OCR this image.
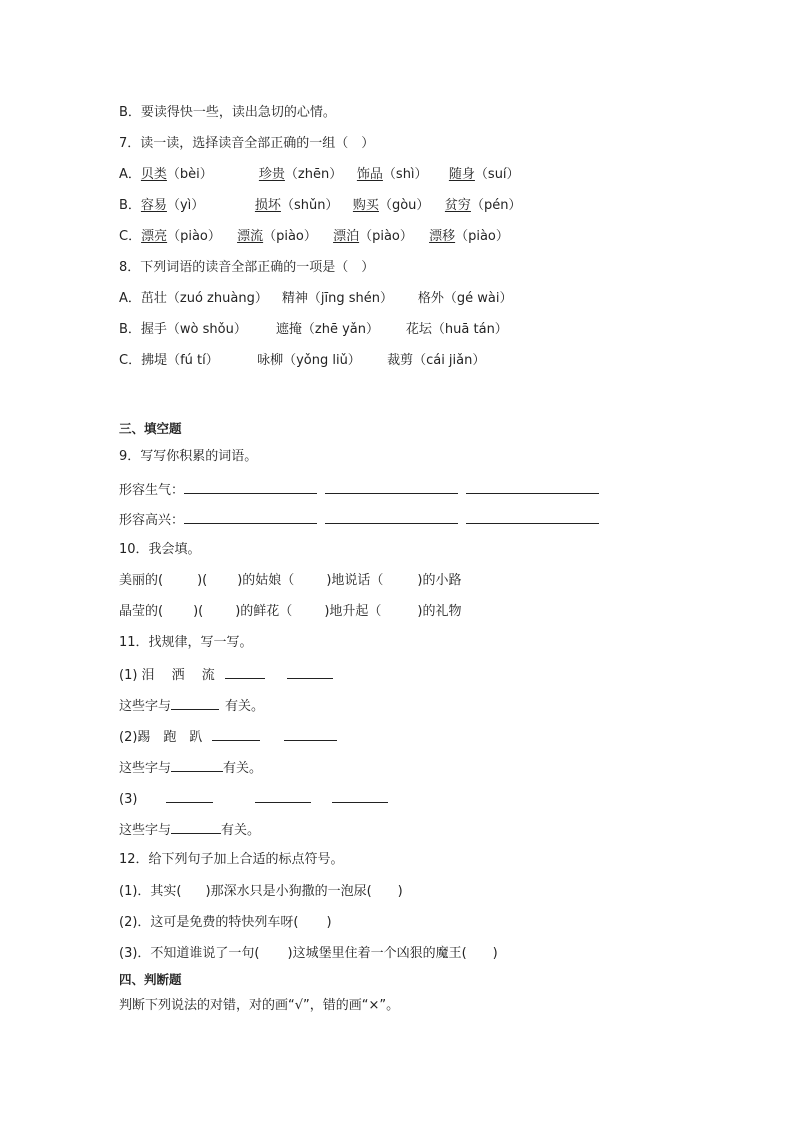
B．要读得快一些，读出急切的心情。
7．读一读，选择读音全部正确的一组（　）
A．贝类（bèi）	珍贵（zhēn） 饰品（shì） 随身（suí）
B．容易（yì）	损坏（shǔn） 购买（gòu） 贫穷（pén）
C．漂亮（piào） 漂流（piào） 漂泊（piào） 漂移（piào）
8．下列词语的读音全部正确的一项是（　）
A．茁壮（zuó zhuàng） 精神（jīng shén） 格外（gé wài）
B．握手（wò shǒu） 遮掩（zhē yǎn） 花坛（huā tán）
C．拂堤（fú tí）	咏柳（yǒng liǔ） 裁剪（cái jiǎn）
三、填空题
9．写写你积累的词语。
形容生气：
形容高兴：
10．我会填。
美丽的(	)( )的姑娘（ )地说话（	)的小路
晶莹的( )( )的鲜花（ )地升起（	)的礼物
11．找规律，写一写。
(1) 泪　 洒　 流
这些字与	有关。
(2)踢　跑　趴
这些字与	有关。
(3)
这些字与	有关。
12．给下列句子加上合适的标点符号。
(1)．其实( )那深水只是小狗撒的一泡尿( )
(2)．这可是免费的特快列车呀( )
(3)．不知道谁说了一句( )这城堡里住着一个凶狠的魔王( )
四、判断题
判断下列说法的对错，对的画“√”，错的画“×”。
